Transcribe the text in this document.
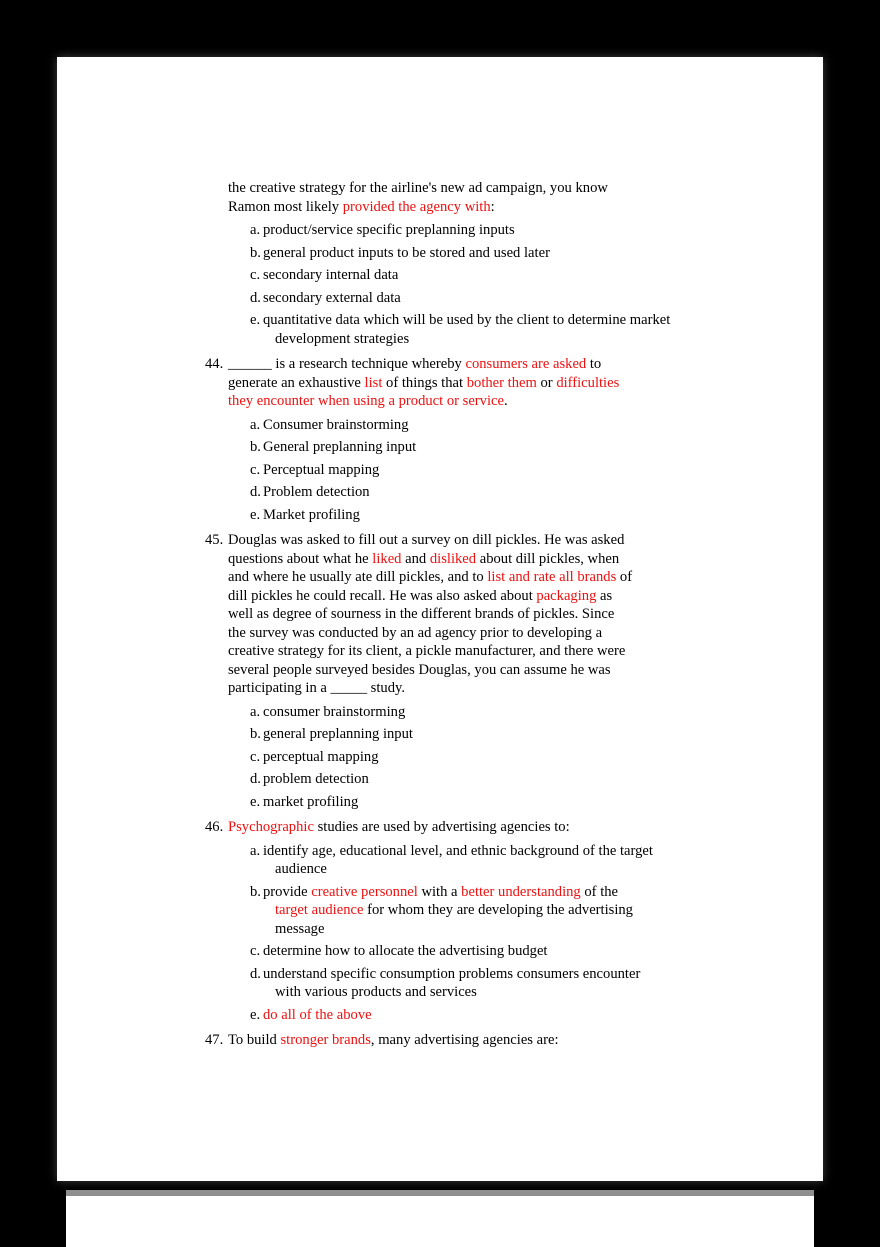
the creative strategy for the airline's new ad campaign, you know
Ramon most likely provided the agency with:
a. product/service specific preplanning inputs
b. general product inputs to be stored and used later
c. secondary internal data
d. secondary external data
e. quantitative data which will be used by the client to determine market
development strategies
44. ______ is a research technique whereby consumers are asked to
generate an exhaustive list of things that bother them or difficulties
they encounter when using a product or service.
a. Consumer brainstorming
b. General preplanning input
c. Perceptual mapping
d. Problem detection
e. Market profiling
45. Douglas was asked to fill out a survey on dill pickles. He was asked
questions about what he liked and disliked about dill pickles, when
and where he usually ate dill pickles, and to list and rate all brands of
dill pickles he could recall. He was also asked about packaging as
well as degree of sourness in the different brands of pickles. Since
the survey was conducted by an ad agency prior to developing a
creative strategy for its client, a pickle manufacturer, and there were
several people surveyed besides Douglas, you can assume he was
participating in a _____ study.
a. consumer brainstorming
b. general preplanning input
c. perceptual mapping
d. problem detection
e. market profiling
46. Psychographic studies are used by advertising agencies to:
a. identify age, educational level, and ethnic background of the target
audience
b. provide creative personnel with a better understanding of the
target audience for whom they are developing the advertising
message
c. determine how to allocate the advertising budget
d. understand specific consumption problems consumers encounter
with various products and services
e. do all of the above
47. To build stronger brands, many advertising agencies are:
